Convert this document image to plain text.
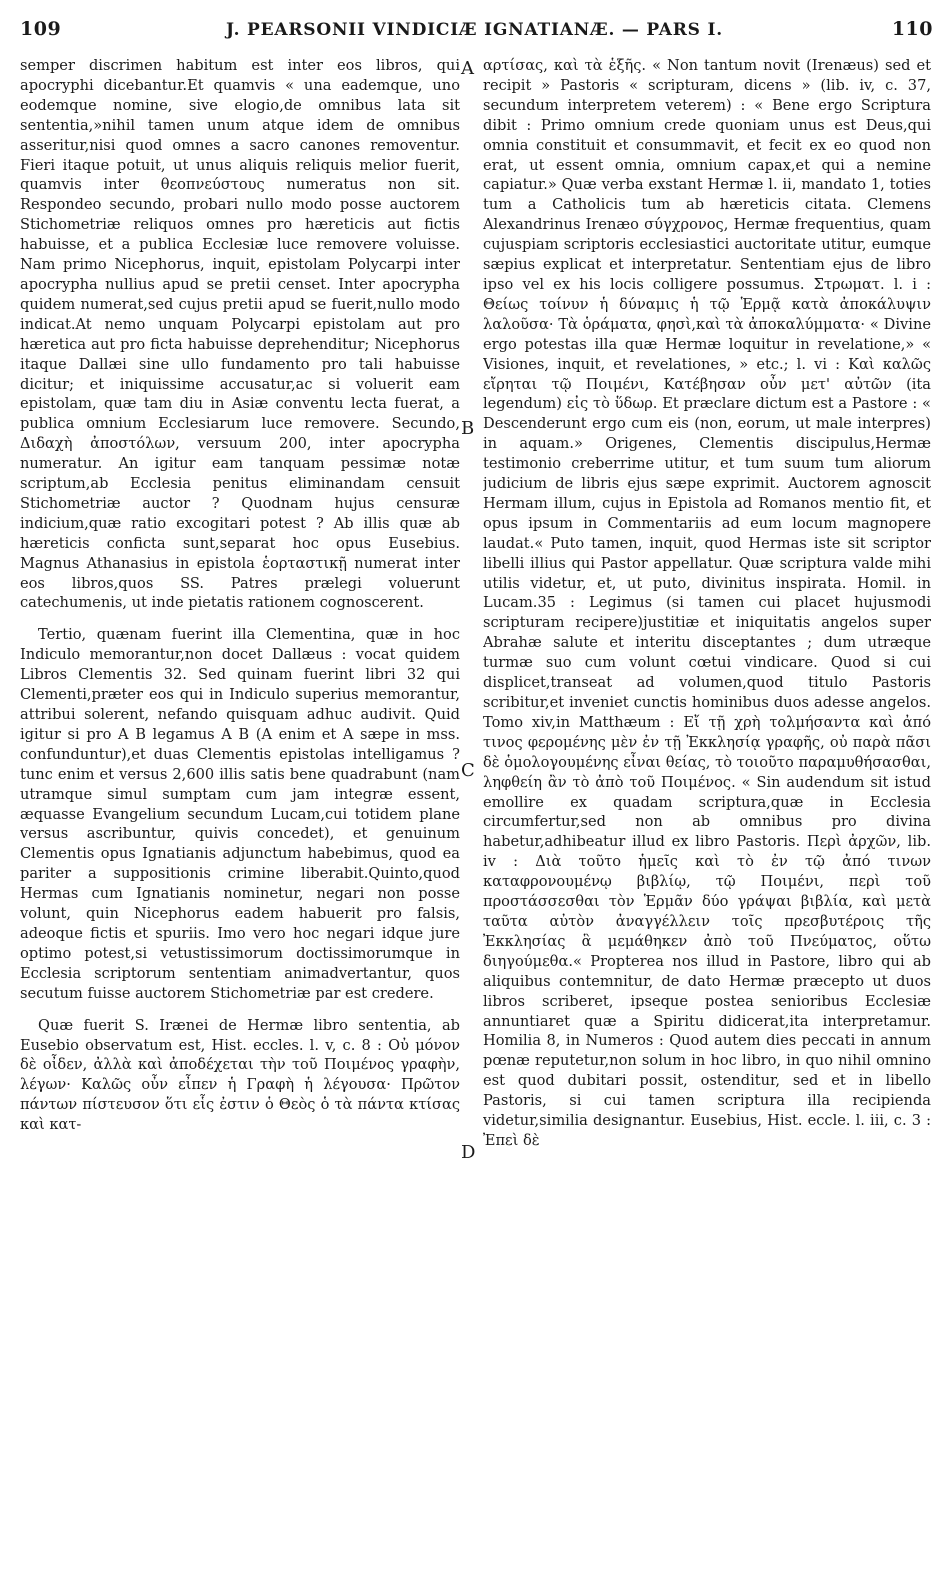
109	J. PEARSONII VINDICIÆ IGNATIANÆ. — PARS I.	110

semper discrimen habitum est inter eos libros, qui apocryphi dicebantur.Et quamvis « una eademque, uno eodemque nomine, sive elogio,de omnibus lata sit sententia,»nihil tamen unum atque idem de omnibus asseritur,nisi quod omnes a sacro canones removentur. Fieri itaque potuit, ut unus aliquis reliquis melior fuerit, quamvis inter θεοπνεύστους numeratus non sit. Respondeo secundo, probari nullo modo posse auctorem Stichometriæ reliquos omnes pro hæreticis aut fictis habuisse, et a publica Ecclesiæ luce removere voluisse. Nam primo Nicephorus, inquit, epistolam Polycarpi inter apocrypha nullius apud se pretii censet. Inter apocrypha quidem numerat,sed cujus pretii apud se fuerit,nullo modo indicat.At nemo unquam Polycarpi epistolam aut pro hæretica aut pro ficta habuisse deprehenditur; Nicephorus itaque Dallæi sine ullo fundamento pro tali habuisse dicitur; et iniquissime accusatur,ac si voluerit eam epistolam, quæ tam diu in Asiæ conventu lecta fuerat, a publica omnium Ecclesiarum luce removere. Secundo, Διδαχὴ ἀποστόλων, versuum 200, inter apocrypha numeratur. An igitur eam tanquam pessimæ notæ scriptum,ab Ecclesia penitus eliminandam censuit Stichometriæ auctor ? Quodnam hujus censuræ indicium,quæ ratio excogitari potest ? Ab illis quæ ab hæreticis conficta sunt,separat hoc opus Eusebius. Magnus Athanasius in epistola ἑορταστικῇ numerat inter eos libros,quos SS. Patres prælegi voluerunt catechumenis, ut inde pietatis rationem cognoscerent.

Tertio, quænam fuerint illa Clementina, quæ in hoc Indiculo memorantur,non docet Dallæus : vocat quidem Libros Clementis 32. Sed quinam fuerint libri 32 qui Clementi,præter eos qui in Indiculo superius memorantur, attribui solerent, nefando quisquam adhuc audivit. Quid igitur si pro A B legamus A B (A enim et A sæpe in mss. confunduntur),et duas Clementis epistolas intelligamus ? tunc enim et versus 2,600 illis satis bene quadrabunt (nam utramque simul sumptam cum jam integræ essent, æquasse Evangelium secundum Lucam,cui totidem plane versus ascribuntur, quivis concedet), et genuinum Clementis opus Ignatianis adjunctum habebimus, quod ea pariter a suppositionis crimine liberabit.Quinto,quod Hermas cum Ignatianis nominetur, negari non posse volunt, quin Nicephorus eadem habuerit pro falsis, adeoque fictis et spuriis. Imo vero hoc negari idque jure optimo potest,si vetustissimorum doctissimorumque in Ecclesia scriptorum sententiam animadvertantur, quos secutum fuisse auctorem Stichometriæ par est credere.

Quæ fuerit S. Irænei de Hermæ libro sententia, ab Eusebio observatum est, Hist. eccles. l. v, c. 8 : Οὐ μόνον δὲ οἶδεν, ἀλλὰ καὶ ἀποδέχεται τὴν τοῦ Ποιμένος γραφὴν, λέγων· Καλῶς οὖν εἶπεν ἡ Γραφὴ ἡ λέγουσα· Πρῶτον πάντων πίστευσον ὅτι εἷς ἐστιν ὁ Θεὸς ὁ τὰ πάντα κτίσας καὶ κατ-

A
B
C
D

αρτίσας, καὶ τὰ ἑξῆς. « Non tantum novit (Irenæus) sed et recipit » Pastoris « scripturam, dicens » (lib. iv, c. 37, secundum interpretem veterem) : « Bene ergo Scriptura dibit : Primo omnium crede quoniam unus est Deus,qui omnia constituit et consummavit, et fecit ex eo quod non erat, ut essent omnia, omnium capax,et qui a nemine capiatur.» Quæ verba exstant Hermæ l. ii, mandato 1, toties tum a Catholicis tum ab hæreticis citata. Clemens Alexandrinus Irenæo σύγχρονος, Hermæ frequentius, quam cujuspiam scriptoris ecclesiastici auctoritate utitur, eumque sæpius explicat et interpretatur. Sententiam ejus de libro ipso vel ex his locis colligere possumus. Στρωματ. l. i : Θείως τοίνυν ἡ δύναμις ἡ τῷ Ἑρμᾷ κατὰ ἀποκάλυψιν λαλοῦσα· Τὰ ὁράματα, φησὶ,καὶ τὰ ἀποκαλύμματα· « Divine ergo potestas illa quæ Hermæ loquitur in revelatione,» « Visiones, inquit, et revelationes, » etc.; l. vi : Καὶ καλῶς εἴρηται τῷ Ποιμένι, Κατέβησαν οὖν μετ' αὐτῶν (ita legendum) εἰς τὸ ὕδωρ. Et præclare dictum est a Pastore : « Descenderunt ergo cum eis (non, eorum, ut male interpres) in aquam.» Origenes, Clementis discipulus,Hermæ testimonio creberrime utitur, et tum suum tum aliorum judicium de libris ejus sæpe exprimit. Auctorem agnoscit Hermam illum, cujus in Epistola ad Romanos mentio fit, et opus ipsum in Commentariis ad eum locum magnopere laudat.« Puto tamen, inquit, quod Hermas iste sit scriptor libelli illius qui Pastor appellatur. Quæ scriptura valde mihi utilis videtur, et, ut puto, divinitus inspirata. Homil. in Lucam.35 : Legimus (si tamen cui placet hujusmodi scripturam recipere)justitiæ et iniquitatis angelos super Abrahæ salute et interitu disceptantes ; dum utræque turmæ suo cum volunt cœtui vindicare. Quod si cui displicet,transeat ad volumen,quod titulo Pastoris scribitur,et inveniet cunctis hominibus duos adesse angelos. Tomo xiv,in Matthæum : Εἴ τῇ χρὴ τολμήσαντα καὶ ἀπό τινος φερομένης μὲν ἐν τῇ Ἐκκλησίᾳ γραφῆς, οὐ παρὰ πᾶσι δὲ ὁμολογουμένης εἶναι θείας, τὸ τοιοῦτο παραμυθήσασθαι, ληφθείη ἂν τὸ ἀπὸ τοῦ Ποιμένος. « Sin audendum sit istud emollire ex quadam scriptura,quæ in Ecclesia circumfertur,sed non ab omnibus pro divina habetur,adhibeatur illud ex libro Pastoris. Περὶ ἀρχῶν, lib. iv : Διὰ τοῦτο ἡμεῖς καὶ τὸ ἐν τῷ ἀπό τινων καταφρονουμένῳ βιβλίῳ, τῷ Ποιμένι, περὶ τοῦ προστάσσεσθαι τὸν Ἑρμᾶν δύο γράψαι βιβλία, καὶ μετὰ ταῦτα αὐτὸν ἀναγγέλλειν τοῖς πρεσβυτέροις τῆς Ἐκκλησίας ἃ μεμάθηκεν ἀπὸ τοῦ Πνεύματος, οὕτω διηγούμεθα.« Propterea nos illud in Pastore, libro qui ab aliquibus contemnitur, de dato Hermæ præcepto ut duos libros scriberet, ipseque postea senioribus Ecclesiæ annuntiaret quæ a Spiritu didicerat,ita interpretamur. Homilia 8, in Numeros : Quod autem dies peccati in annum pœnæ reputetur,non solum in hoc libro, in quo nihil omnino est quod dubitari possit, ostenditur, sed et in libello Pastoris, si cui tamen scriptura illa recipienda videtur,similia designantur. Eusebius, Hist. eccle. l. iii, c. 3 : Ἐπεὶ δὲ
